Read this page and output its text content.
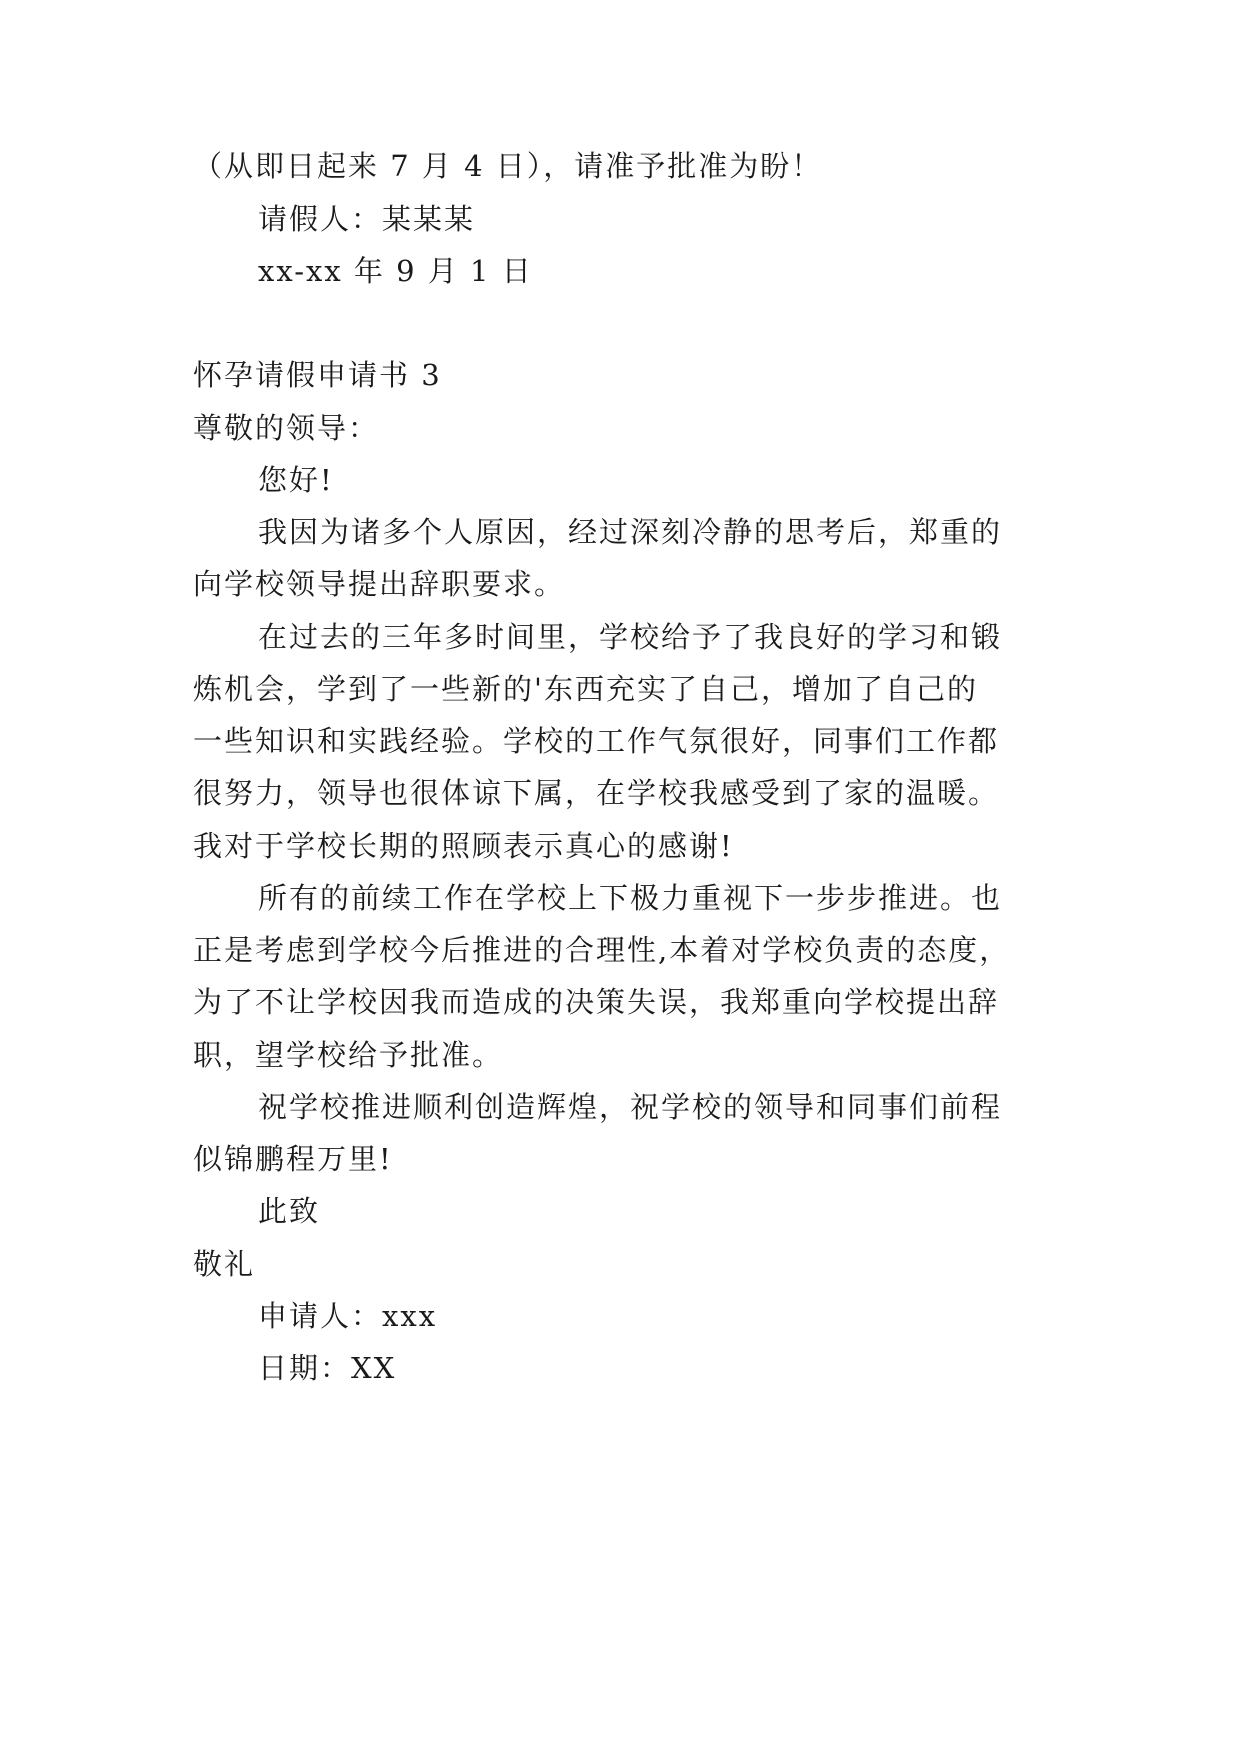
（从即日起来 7 月 4 日），请准予批准为盼！
请假人：某某某
xx-xx 年 9 月 1 日
怀孕请假申请书 3
尊敬的领导：
您好!
我因为诸多个人原因，经过深刻冷静的思考后，郑重的
向学校领导提出辞职要求。
在过去的三年多时间里，学校给予了我良好的学习和锻
炼机会，学到了一些新的'东西充实了自己，增加了自己的
一些知识和实践经验。学校的工作气氛很好，同事们工作都
很努力，领导也很体谅下属，在学校我感受到了家的温暖。
我对于学校长期的照顾表示真心的感谢!
所有的前续工作在学校上下极力重视下一步步推进。也
正是考虑到学校今后推进的合理性,本着对学校负责的态度，
为了不让学校因我而造成的决策失误，我郑重向学校提出辞
职，望学校给予批准。
祝学校推进顺利创造辉煌，祝学校的领导和同事们前程
似锦鹏程万里!
此致
敬礼
申请人：xxx
日期：XX
